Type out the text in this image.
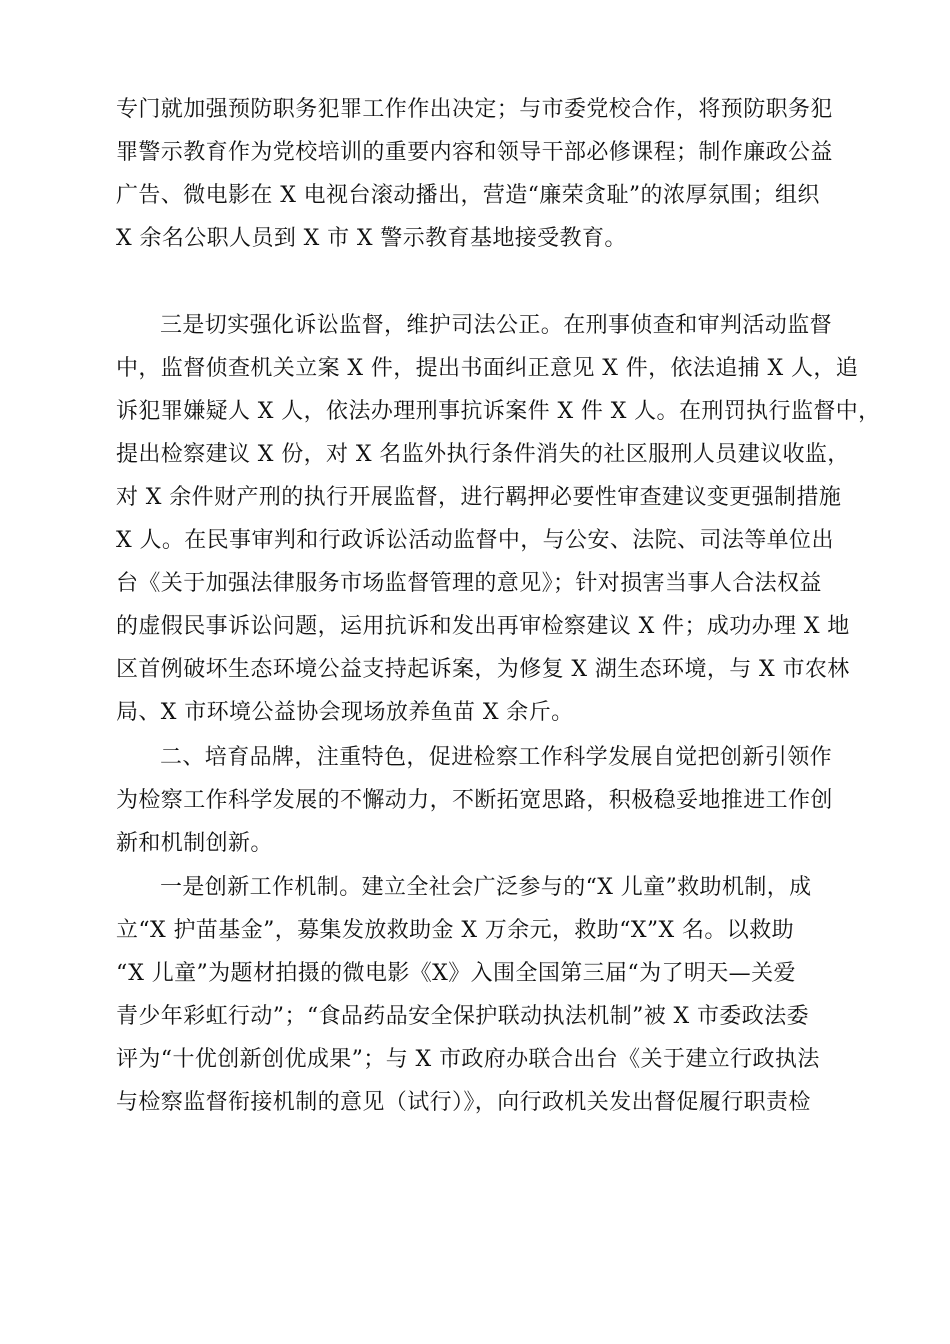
专门就加强预防职务犯罪工作作出决定；与市委党校合作，将预防职务犯
罪警示教育作为党校培训的重要内容和领导干部必修课程；制作廉政公益
广告、微电影在 X 电视台滚动播出，营造“廉荣贪耻”的浓厚氛围；组织
X 余名公职人员到 X 市 X 警示教育基地接受教育。
三是切实强化诉讼监督，维护司法公正。在刑事侦查和审判活动监督
中，监督侦查机关立案 X 件，提出书面纠正意见 X 件，依法追捕 X 人，追
诉犯罪嫌疑人 X 人，依法办理刑事抗诉案件 X 件 X 人。在刑罚执行监督中，
提出检察建议 X 份，对 X 名监外执行条件消失的社区服刑人员建议收监，
对 X 余件财产刑的执行开展监督，进行羁押必要性审查建议变更强制措施
X 人。在民事审判和行政诉讼活动监督中，与公安、法院、司法等单位出
台《关于加强法律服务市场监督管理的意见》；针对损害当事人合法权益
的虚假民事诉讼问题，运用抗诉和发出再审检察建议 X 件；成功办理 X 地
区首例破坏生态环境公益支持起诉案，为修复 X 湖生态环境，与 X 市农林
局、X 市环境公益协会现场放养鱼苗 X 余斤。
二、培育品牌，注重特色，促进检察工作科学发展自觉把创新引领作
为检察工作科学发展的不懈动力，不断拓宽思路，积极稳妥地推进工作创
新和机制创新。
一是创新工作机制。建立全社会广泛参与的“X 儿童”救助机制，成
立“X 护苗基金”，募集发放救助金 X 万余元，救助“X”X 名。以救助
“X 儿童”为题材拍摄的微电影《X》入围全国第三届“为了明天—关爱
青少年彩虹行动”；“食品药品安全保护联动执法机制”被 X 市委政法委
评为“十优创新创优成果”；与 X 市政府办联合出台《关于建立行政执法
与检察监督衔接机制的意见（试行）》，向行政机关发出督促履行职责检
